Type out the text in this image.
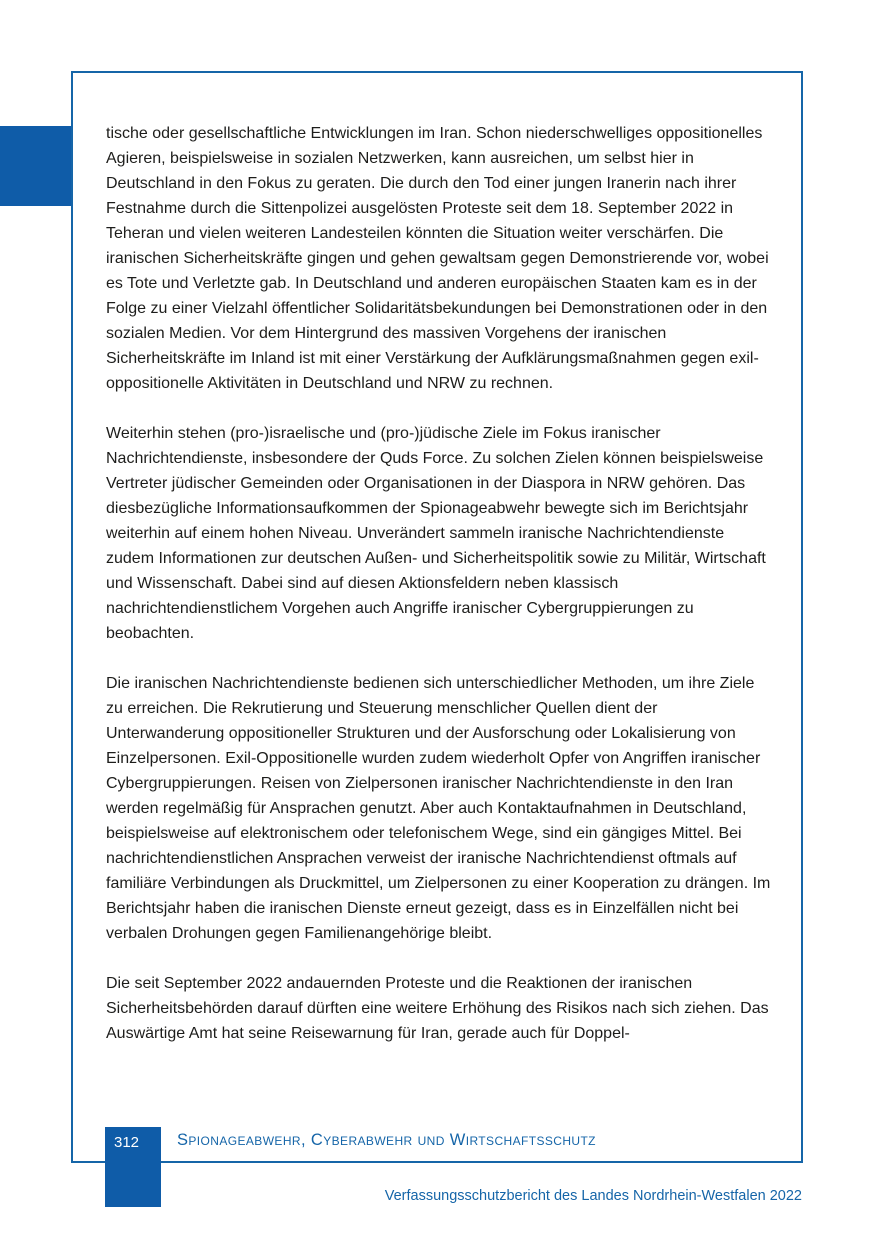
tische oder gesellschaftliche Entwicklungen im Iran. Schon niederschwelliges oppositionelles Agieren, beispielsweise in sozialen Netzwerken, kann ausreichen, um selbst hier in Deutschland in den Fokus zu geraten. Die durch den Tod einer jungen Iranerin nach ihrer Festnahme durch die Sittenpolizei ausgelösten Proteste seit dem 18. September 2022 in Teheran und vielen weiteren Landesteilen könnten die Situation weiter verschärfen. Die iranischen Sicherheitskräfte gingen und gehen gewaltsam gegen Demonstrierende vor, wobei es Tote und Verletzte gab. In Deutschland und anderen europäischen Staaten kam es in der Folge zu einer Vielzahl öffentlicher Solidaritätsbekundungen bei Demonstrationen oder in den sozialen Medien. Vor dem Hintergrund des massiven Vorgehens der iranischen Sicherheitskräfte im Inland ist mit einer Verstärkung der Aufklärungsmaßnahmen gegen exil-oppositionelle Aktivitäten in Deutschland und NRW zu rechnen.

Weiterhin stehen (pro-)israelische und (pro-)jüdische Ziele im Fokus iranischer Nachrichtendienste, insbesondere der Quds Force. Zu solchen Zielen können beispielsweise Vertreter jüdischer Gemeinden oder Organisationen in der Diaspora in NRW gehören. Das diesbezügliche Informationsaufkommen der Spionageabwehr bewegte sich im Berichtsjahr weiterhin auf einem hohen Niveau. Unverändert sammeln iranische Nachrichtendienste zudem Informationen zur deutschen Außen- und Sicherheitspolitik sowie zu Militär, Wirtschaft und Wissenschaft. Dabei sind auf diesen Aktionsfeldern neben klassisch nachrichtendienstlichem Vorgehen auch Angriffe iranischer Cybergruppierungen zu beobachten.

Die iranischen Nachrichtendienste bedienen sich unterschiedlicher Methoden, um ihre Ziele zu erreichen. Die Rekrutierung und Steuerung menschlicher Quellen dient der Unterwanderung oppositioneller Strukturen und der Ausforschung oder Lokalisierung von Einzelpersonen. Exil-Oppositionelle wurden zudem wiederholt Opfer von Angriffen iranischer Cybergruppierungen. Reisen von Zielpersonen iranischer Nachrichtendienste in den Iran werden regelmäßig für Ansprachen genutzt. Aber auch Kontaktaufnahmen in Deutschland, beispielsweise auf elektronischem oder telefonischem Wege, sind ein gängiges Mittel. Bei nachrichtendienstlichen Ansprachen verweist der iranische Nachrichtendienst oftmals auf familiäre Verbindungen als Druckmittel, um Zielpersonen zu einer Kooperation zu drängen. Im Berichtsjahr haben die iranischen Dienste erneut gezeigt, dass es in Einzelfällen nicht bei verbalen Drohungen gegen Familienangehörige bleibt.

Die seit September 2022 andauernden Proteste und die Reaktionen der iranischen Sicherheitsbehörden darauf dürften eine weitere Erhöhung des Risikos nach sich ziehen. Das Auswärtige Amt hat seine Reisewarnung für Iran, gerade auch für Doppel-

312	Spionageabwehr, Cyberabwehr und Wirtschaftsschutz
Verfassungsschutzbericht des Landes Nordrhein-Westfalen 2022
